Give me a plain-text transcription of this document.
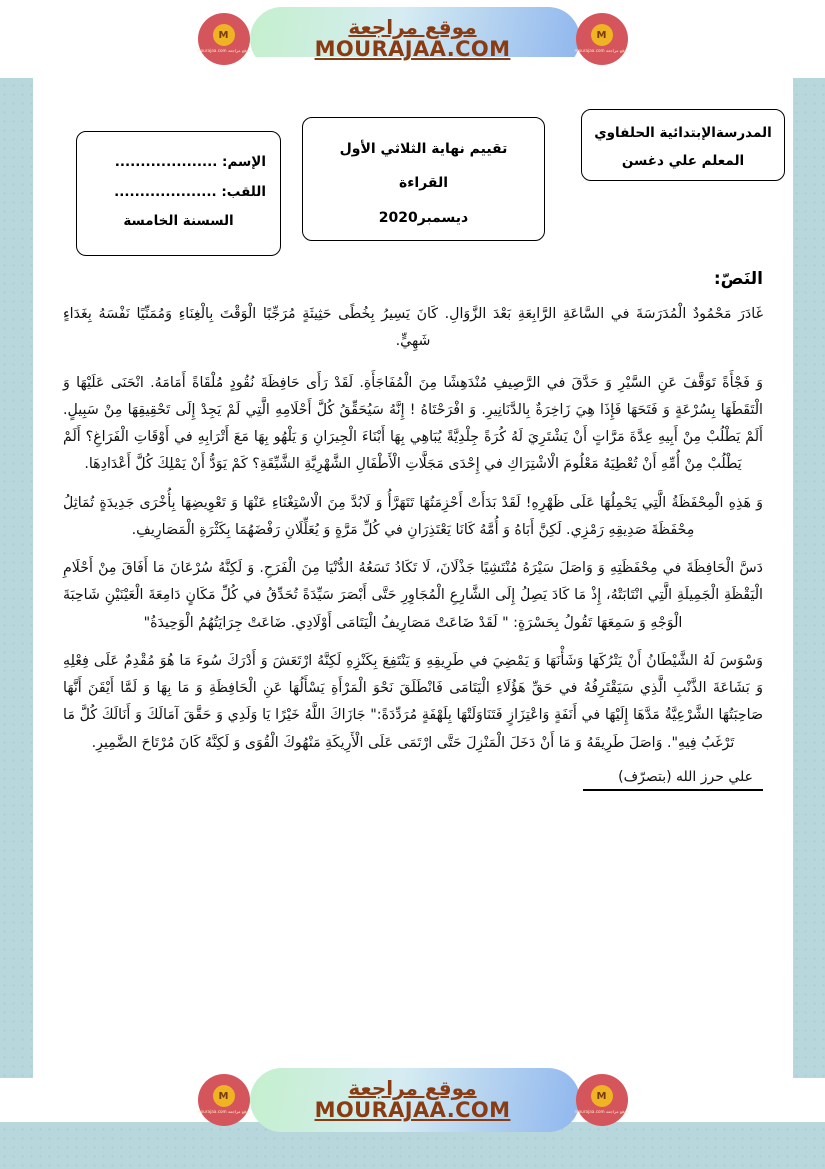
M
موقع مراجعة mourajaa.com
موقع مراجعة
MOURAJAA.COM
M
موقع مراجعة mourajaa.com
المدرسةالإبتدائية الحلفاوي
المعلم علي دغسن
تقييم نهاية الثلاثي الأول
القراءة
ديسمبر2020
الإسم: ....................
اللقب: ....................
السسنة الخامسة
النَصّ:

غَادَرَ مَحْمُودٌ الْمُدَرَسَةَ في السَّاعَةِ الرَّابِعَةِ بَعْدَ الزَّوَالِ. كَانَ يَسِيرُ بِخُطًى حَثِيثَةٍ مُرَجِّبًا الْوَقْتَ بِالْغِنَاءِ وَمُمَنِّيًا نَفْسَهُ بِغَدَاءٍ شَهِيٍّ.

وَ فَجْأَةً تَوَقَّفَ عَنِ السَّيْرِ وَ حَدَّقَ في الرَّصِيفِ مُنْدَهِشًا مِنَ الْمُفَاجَأَةِ. لَقَدْ رَأَى حَافِظَةَ نُقُودٍ مُلْقَاةً أَمَامَهُ. انْحَنَى عَلَيْهَا وَ الْتَقَطَهَا بِسُرْعَةٍ وَ فَتَحَهَا فَإِذَا هِيَ زَاخِرَةٌ بِالدَّنَانِيرِ. وَ افْرَحْتَاهُ ! إِنَّهُ سَيُحَقِّقُ كُلَّ أَحْلَامِهِ الَّتِي لَمْ يَجِدْ إِلَى تَحْقِيقِهَا مِنْ سَبِيلٍ. أَلَمْ يَطْلُبْ مِنْ أَبِيهِ عِدَّةَ مَرَّاتٍ أَنْ يَشْتَرِيَ لَهُ كُرَةً جِلْدِيَّةً يُبَاهِي بِهَا أَبْنَاءَ الْجِيرَانِ وَ يَلْهُو بِهَا مَعَ أَتْرَابِهِ في أَوْقَاتِ الْفَرَاغِ؟ أَلَمْ يَطْلُبْ مِنْ أُمِّهِ أَنْ تُعْطِيَهُ مَعْلُومَ الْاشْتِرَاكِ في إِحْدَى مَجَلَّاتِ الْأَطْفَالِ الشَّهْرِيَّةِ الشَّيِّقَةِ؟ كَمْ يَوَدُّ أَنْ يَمْلِكَ كُلَّ أَعْدَادِهَا.

وَ هَذِهِ الْمِحْفَظَةُ الَّتِي يَحْمِلُهَا عَلَى ظَهْرِهِ! لَقَدْ بَدَأَتْ أَحْزِمَتُهَا تَتَهَرَّأُ وَ لَابُدَّ مِنَ الْاسْتِغْنَاءِ عَنْهَا وَ تَعْوِيضِهَا بِأُخْرَى جَدِيدَةٍ تُمَاثِلُ مِحْفَظَةَ صَدِيقِهِ رَمْزِي. لَكِنَّ أَبَاهُ وَ أُمَّهُ كَانَا يَعْتَذِرَانِ في كُلِّ مَرَّةٍ وَ يُعَلِّلَانِ رَفْضَهُمَا بِكَثْرَةِ الْمَصَارِيفِ.

دَسَّ الْحَافِظَةَ في مِحْفَظَتِهِ وَ وَاصَلَ سَيْرَهُ مُنْتَشِيًا جَذْلَانَ، لَا تَكَادُ تَسَعُهُ الدُّنْيَا مِنَ الْفَرَحِ. وَ لَكِنَّهُ سُرْعَانَ مَا أَفَاقَ مِنْ أَحْلَامِ الْيَقْظَةِ الْجَمِيلَةِ الَّتِي انْتَابَتْهُ، إِذْ مَا كَادَ يَصِلُ إِلَى الشَّارِعِ الْمُجَاوِرِ حَتَّى أَبْصَرَ سَيِّدَةً تُحَدِّقُ في كُلِّ مَكَانٍ دَامِعَةَ الْعَيْنَيْنِ شَاحِبَةَ الْوَجْهِ وَ سَمِعَهَا تَقُولُ بِحَسْرَةٍ: " لَقَدْ ضَاعَتْ مَصَارِيفُ الْيَتَامَى أَوْلَادِي. ضَاعَتْ جِرَايَتُهُمُ الْوَحِيدَةُ"

وَسْوَسَ لَهُ الشَّيْطَانُ أَنْ يَتْرُكَهَا وَشَأْنَهَا وَ يَمْضِيَ في طَرِيقِهِ وَ يَنْتَفِعَ بِكَنْزِهِ لَكِنَّهُ ارْتَعَشَ وَ أَدْرَكَ سُوءَ مَا هُوَ مُقْدِمٌ عَلَى فِعْلِهِ وَ بَشَاعَةَ الذَّنْبِ الَّذِي سَيَقْتَرِفُهُ في حَقِّ هَؤُلَاءِ الْيَتَامَى فَانْطَلَقَ نَحْوَ الْمَرْأَةِ يَسْأَلُهَا عَنِ الْحَافِظَةِ وَ مَا بِهَا وَ لَمَّا أَيْقَنَ أَنَّهَا صَاحِبَتُهَا الشَّرْعِيَّةُ مَدَّهَا إِلَيْهَا في أَنَفَةٍ وَاعْتِزَازٍ فَتَنَاوَلَتْهَا بِلَهْفَةٍ مُرَدِّدَةً:" جَازَاكَ اللَّهُ خَيْرًا يَا وَلَدِي وَ حَقَّقَ آمَالَكَ وَ أَنَالَكَ كُلَّ مَا تَرْغَبُ فِيهِ". وَاصَلَ طَرِيقَهُ وَ مَا أَنْ دَخَلَ الْمَنْزِلَ حَتَّى ارْتَمَى عَلَى الْأَرِيكَةِ مَنْهُوكَ الْقُوَى وَ لَكِنَّهُ كَانَ مُرْتَاحَ الضَّمِيرِ.

علي حرز الله (بتصرّف)
M
موقع مراجعة mourajaa.com
موقع مراجعة
MOURAJAA.COM
M
موقع مراجعة mourajaa.com
